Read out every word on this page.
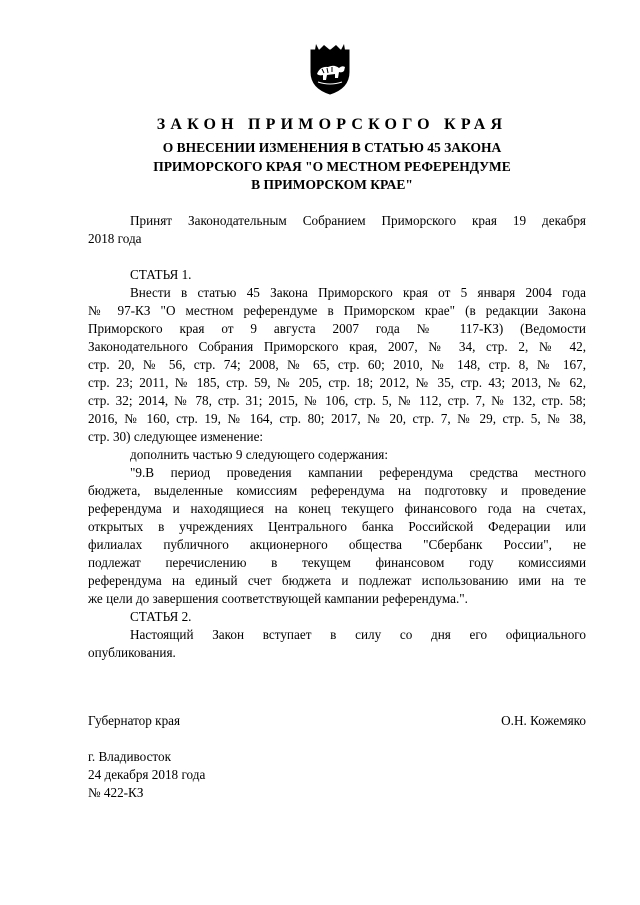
ЗАКОН ПРИМОРСКОГО КРАЯ
О ВНЕСЕНИИ ИЗМЕНЕНИЯ В СТАТЬЮ 45 ЗАКОНА
ПРИМОРСКОГО КРАЯ "О МЕСТНОМ РЕФЕРЕНДУМЕ
В ПРИМОРСКОМ КРАЕ"
Принят Законодательным Собранием Приморского края 19 декабря
2018 года
СТАТЬЯ 1.
Внести в статью 45 Закона Приморского края от 5 января 2004 года
№ 97-КЗ "О местном референдуме в Приморском крае" (в редакции Закона
Приморского края от 9 августа 2007 года № 117-КЗ) (Ведомости
Законодательного Собрания Приморского края, 2007, № 34, стр. 2, № 42,
стр. 20, № 56, стр. 74; 2008, № 65, стр. 60; 2010, № 148, стр. 8, № 167,
стр. 23; 2011, № 185, стр. 59, № 205, стр. 18; 2012, № 35, стр. 43; 2013, № 62,
стр. 32; 2014, № 78, стр. 31; 2015, № 106, стр. 5, № 112, стр. 7, № 132, стр. 58;
2016, № 160, стр. 19, № 164, стр. 80; 2017, № 20, стр. 7, № 29, стр. 5, № 38,
стр. 30) следующее изменение:
дополнить частью 9 следующего содержания:
"9.В период проведения кампании референдума средства местного
бюджета, выделенные комиссиям референдума на подготовку и проведение
референдума и находящиеся на конец текущего финансового года на счетах,
открытых в учреждениях Центрального банка Российской Федерации или
филиалах публичного акционерного общества "Сбербанк России", не
подлежат перечислению в текущем финансовом году комиссиями
референдума на единый счет бюджета и подлежат использованию ими на те
же цели до завершения соответствующей кампании референдума.".
СТАТЬЯ 2.
Настоящий Закон вступает в силу со дня его официального
опубликования.
Губернатор края	О.Н. Кожемяко
г. Владивосток
24 декабря 2018 года
№ 422-КЗ
